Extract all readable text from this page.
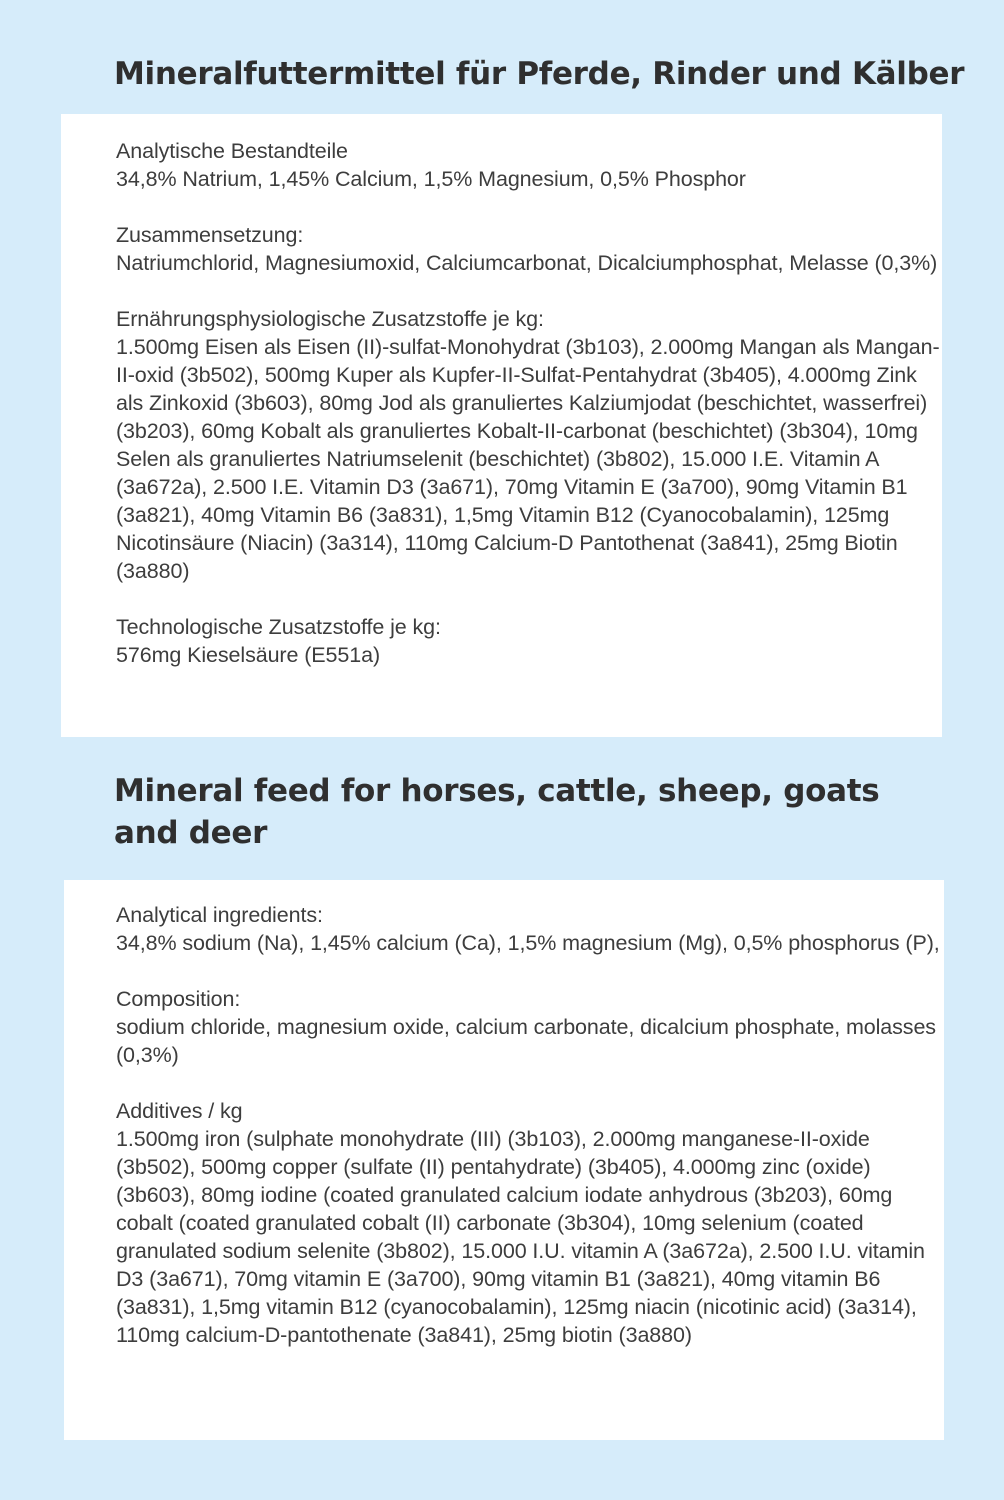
Mineralfuttermittel für Pferde, Rinder und Kälber
Analytische Bestandteile
34,8% Natrium, 1,45% Calcium, 1,5% Magnesium, 0,5% Phosphor
Zusammensetzung:
Natriumchlorid, Magnesiumoxid, Calciumcarbonat, Dicalciumphosphat, Melasse (0,3%)
Ernährungsphysiologische Zusatzstoffe je kg:
1.500mg Eisen als Eisen (II)-sulfat-Monohydrat (3b103), 2.000mg Mangan als Mangan-II-oxid (3b502), 500mg Kuper als Kupfer-II-Sulfat-Pentahydrat (3b405), 4.000mg Zink als Zinkoxid (3b603), 80mg Jod als granuliertes Kalziumjodat (beschichtet, wasserfrei) (3b203), 60mg Kobalt als granuliertes Kobalt-II-carbonat (beschichtet) (3b304), 10mg Selen als granuliertes Natriumselenit (beschichtet) (3b802), 15.000 I.E. Vitamin A (3a672a), 2.500 I.E. Vitamin D3 (3a671), 70mg Vitamin E (3a700), 90mg Vitamin B1 (3a821), 40mg Vitamin B6 (3a831), 1,5mg Vitamin B12 (Cyanocobalamin), 125mg Nicotinsäure (Niacin) (3a314), 110mg Calcium-D Pantothenat (3a841), 25mg Biotin (3a880)
Technologische Zusatzstoffe je kg:
576mg Kieselsäure (E551a)
Mineral feed for horses, cattle, sheep, goats and deer
Analytical ingredients:
34,8% sodium (Na), 1,45% calcium (Ca), 1,5% magnesium (Mg), 0,5% phosphorus (P),
Composition:
sodium chloride, magnesium oxide, calcium carbonate, dicalcium phosphate, molasses (0,3%)
Additives / kg
1.500mg iron (sulphate monohydrate (III) (3b103), 2.000mg manganese-II-oxide (3b502), 500mg copper (sulfate (II) pentahydrate) (3b405), 4.000mg zinc (oxide) (3b603), 80mg iodine (coated granulated calcium iodate anhydrous (3b203), 60mg cobalt (coated granulated cobalt (II) carbonate (3b304), 10mg selenium (coated granulated sodium selenite (3b802), 15.000 I.U. vitamin A (3a672a), 2.500 I.U. vitamin D3 (3a671), 70mg vitamin E (3a700), 90mg vitamin B1 (3a821), 40mg vitamin B6 (3a831), 1,5mg vitamin B12 (cyanocobalamin), 125mg niacin (nicotinic acid) (3a314), 110mg calcium-D-pantothenate (3a841), 25mg biotin (3a880)
